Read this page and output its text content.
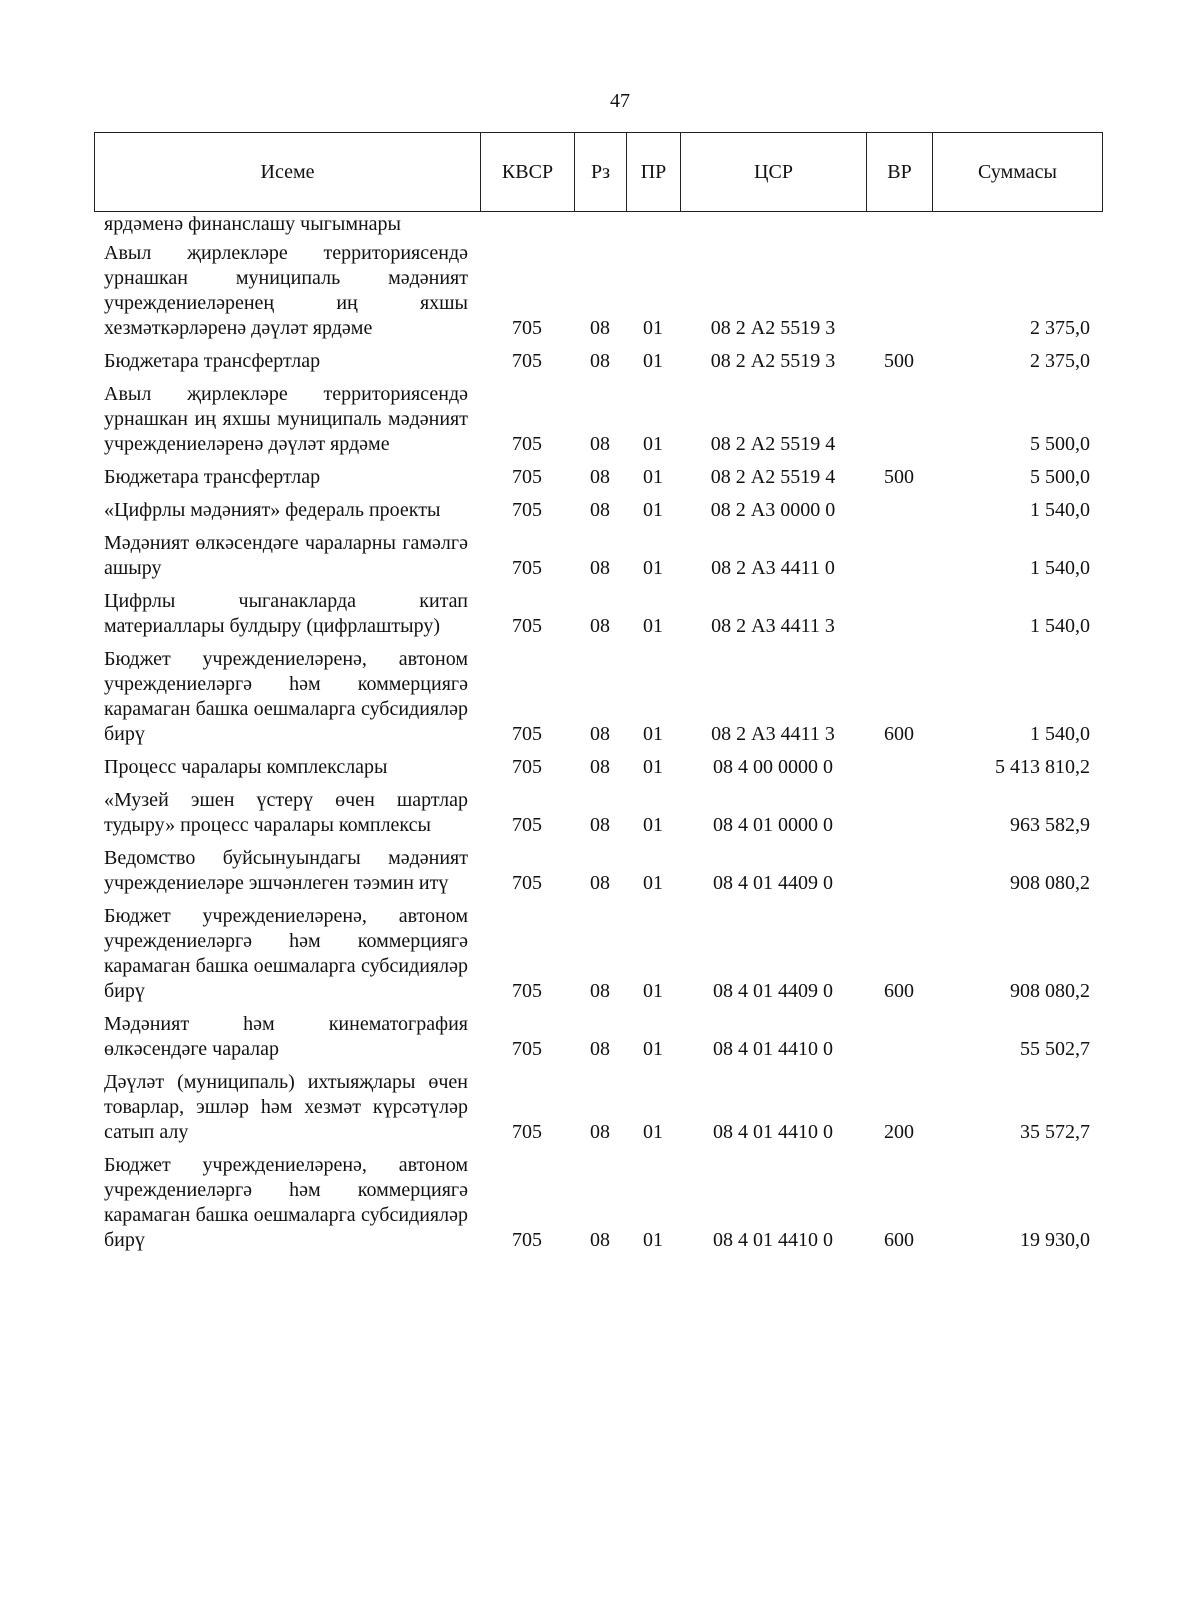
47
Исеме	КВСР	Рз	ПР	ЦСР	ВР	Суммасы
ярдәменә финанслашу чыгымнары						
Авыл җирлекләре территориясендә урнашкан муниципаль мәдәният учреждениеләренең иң яхшы хезмәткәрләренә дәүләт ярдәме	705	08	01	08 2 А2 5519 3		2 375,0
Бюджетара трансфертлар	705	08	01	08 2 А2 5519 3	500	2 375,0
Авыл җирлекләре территориясендә урнашкан иң яхшы муниципаль мәдәният учреждениеләренә дәүләт ярдәме	705	08	01	08 2 А2 5519 4		5 500,0
Бюджетара трансфертлар	705	08	01	08 2 А2 5519 4	500	5 500,0
«Цифрлы мәдәният» федераль проекты	705	08	01	08 2 А3 0000 0		1 540,0
Мәдәният өлкәсендәге чараларны гамәлгә ашыру	705	08	01	08 2 А3 4411 0		1 540,0
Цифрлы чыганакларда китап материаллары булдыру (цифрлаштыру)	705	08	01	08 2 А3 4411 3		1 540,0
Бюджет учреждениеләренә, автоном учреждениеләргә һәм коммерциягә карамаган башка оешмаларга субсидияләр бирү	705	08	01	08 2 А3 4411 3	600	1 540,0
Процесс чаралары комплекслары	705	08	01	08 4 00 0000 0		5 413 810,2
«Музей эшен үстерү өчен шартлар тудыру» процесс чаралары комплексы	705	08	01	08 4 01 0000 0		963 582,9
Ведомство буйсынуындагы мәдәният учреждениеләре эшчәнлеген тәэмин итү	705	08	01	08 4 01 4409 0		908 080,2
Бюджет учреждениеләренә, автоном учреждениеләргә һәм коммерциягә карамаган башка оешмаларга субсидияләр бирү	705	08	01	08 4 01 4409 0	600	908 080,2
Мәдәният һәм кинематография өлкәсендәге чаралар	705	08	01	08 4 01 4410 0		55 502,7
Дәүләт (муниципаль) ихтыяҗлары өчен товарлар, эшләр һәм хезмәт күрсәтүләр сатып алу	705	08	01	08 4 01 4410 0	200	35 572,7
Бюджет учреждениеләренә, автоном учреждениеләргә һәм коммерциягә карамаган башка оешмаларга субсидияләр бирү	705	08	01	08 4 01 4410 0	600	19 930,0
